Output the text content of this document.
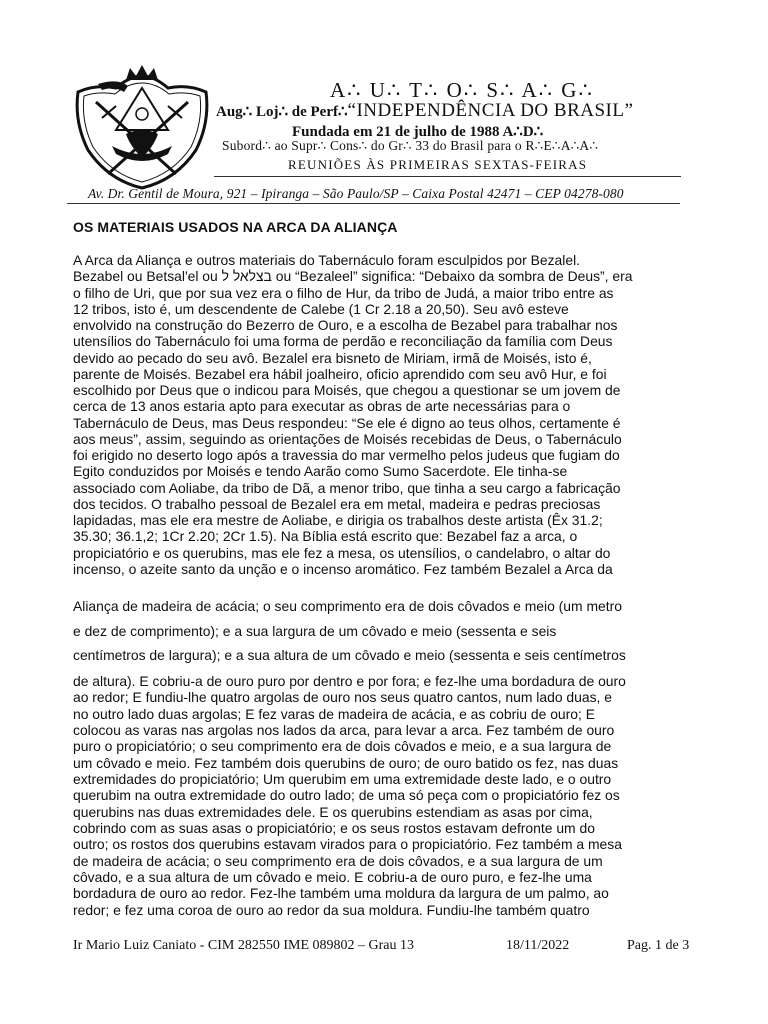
A∴ U∴ T∴ O∴ S∴ A∴ G∴
Aug∴ Loj∴ de Perf∴“INDEPENDÊNCIA DO BRASIL”
Fundada em 21 de julho de 1988 A∴D∴
Subord∴ ao Supr∴ Cons∴ do Gr∴ 33 do Brasil para o R∴E∴A∴A∴
REUNIÕES ÀS PRIMEIRAS SEXTAS-FEIRAS
Av. Dr. Gentil de Moura, 921 – Ipiranga – São Paulo/SP – Caixa Postal 42471 – CEP 04278-080
OS MATERIAIS USADOS NA ARCA DA ALIANÇA
A Arca da Aliança e outros materiais do Tabernáculo foram esculpidos por Bezalel.
Bezabel ou Betsal'el ou בצלאל ל ou “Bezaleel” significa: “Debaixo da sombra de Deus”, era
o filho de Uri, que por sua vez era o filho de Hur, da tribo de Judá, a maior tribo entre as
12 tribos, isto é, um descendente de Calebe (1 Cr 2.18 a 20,50). Seu avô esteve
envolvido na construção do Bezerro de Ouro, e a escolha de Bezabel para trabalhar nos
utensílios do Tabernáculo foi uma forma de perdão e reconciliação da família com Deus
devido ao pecado do seu avô. Bezalel era bisneto de Miriam, irmã de Moisés, isto é,
parente de Moisés. Bezabel era hábil joalheiro, oficio aprendido com seu avô Hur, e foi
escolhido por Deus que o indicou para Moisés, que chegou a questionar se um jovem de
cerca de 13 anos estaria apto para executar as obras de arte necessárias para o
Tabernáculo de Deus, mas Deus respondeu: “Se ele é digno ao teus olhos, certamente é
aos meus”, assim, seguindo as orientações de Moisés recebidas de Deus, o Tabernáculo
foi erigido no deserto logo após a travessia do mar vermelho pelos judeus que fugiam do
Egito conduzidos por Moisés e tendo Aarão como Sumo Sacerdote. Ele tinha-se
associado com Aoliabe, da tribo de Dã, a menor tribo, que tinha a seu cargo a fabricação
dos tecidos. O trabalho pessoal de Bezalel era em metal, madeira e pedras preciosas
lapidadas, mas ele era mestre de Aoliabe, e dirigia os trabalhos deste artista (Êx 31.2;
35.30; 36.1,2; 1Cr 2.20; 2Cr 1.5). Na Bíblia está escrito que: Bezabel faz a arca, o
propiciatório e os querubins, mas ele fez a mesa, os utensílios, o candelabro, o altar do
incenso, o azeite santo da unção e o incenso aromático. Fez também Bezalel a Arca da
Aliança de madeira de acácia; o seu comprimento era de dois côvados e meio (um metro
e dez de comprimento); e a sua largura de um côvado e meio (sessenta e seis
centímetros de largura); e a sua altura de um côvado e meio (sessenta e seis centímetros
de altura). E cobriu-a de ouro puro por dentro e por fora; e fez-lhe uma bordadura de ouro
ao redor; E fundiu-lhe quatro argolas de ouro nos seus quatro cantos, num lado duas, e
no outro lado duas argolas; E fez varas de madeira de acácia, e as cobriu de ouro; E
colocou as varas nas argolas nos lados da arca, para levar a arca. Fez também de ouro
puro o propiciatório; o seu comprimento era de dois côvados e meio, e a sua largura de
um côvado e meio. Fez também dois querubins de ouro; de ouro batido os fez, nas duas
extremidades do propiciatório; Um querubim em uma extremidade deste lado, e o outro
querubim na outra extremidade do outro lado; de uma só peça com o propiciatório fez os
querubins nas duas extremidades dele. E os querubins estendiam as asas por cima,
cobrindo com as suas asas o propiciatório; e os seus rostos estavam defronte um do
outro; os rostos dos querubins estavam virados para o propiciatório. Fez também a mesa
de madeira de acácia; o seu comprimento era de dois côvados, e a sua largura de um
côvado, e a sua altura de um côvado e meio. E cobriu-a de ouro puro, e fez-lhe uma
bordadura de ouro ao redor. Fez-lhe também uma moldura da largura de um palmo, ao
redor; e fez uma coroa de ouro ao redor da sua moldura. Fundiu-lhe também quatro
Ir Mario Luiz Caniato - CIM 282550 IME 089802 – Grau 13	18/11/2022	Pag. 1 de 3
